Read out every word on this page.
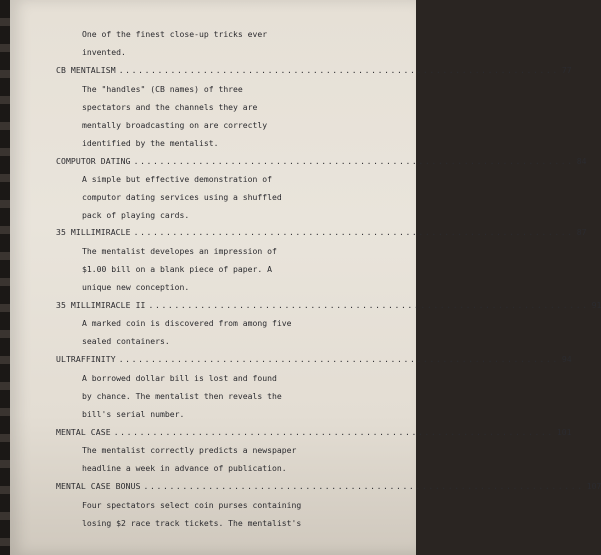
One of the finest close-up tricks ever
invented.
CB MENTALISM .................................................................... 77
The "handles" (CB names) of three
spectators and the channels they are
mentally broadcasting on are correctly
identified by the mentalist.
COMPUTOR DATING .................................................................... 84
A simple but effective demonstration of
computor dating services using a shuffled
pack of playing cards.
35 MILLIMIRACLE .................................................................... 87
The mentalist developes an impression of
$1.00 bill on a blank piece of paper. A
unique new conception.
35 MILLIMIRACLE II .................................................................... 91
A marked coin is discovered from among five
sealed containers.
ULTRAFFINITY .................................................................... 94
A borrowed dollar bill is lost and found
by chance. The mentalist then reveals the
bill's serial number.
MENTAL CASE .................................................................... 101
The mentalist correctly predicts a newspaper
headline a week in advance of publication.
MENTAL CASE BONUS .................................................................... 107
Four spectators select coin purses containing
losing $2 race track tickets. The mentalist's
